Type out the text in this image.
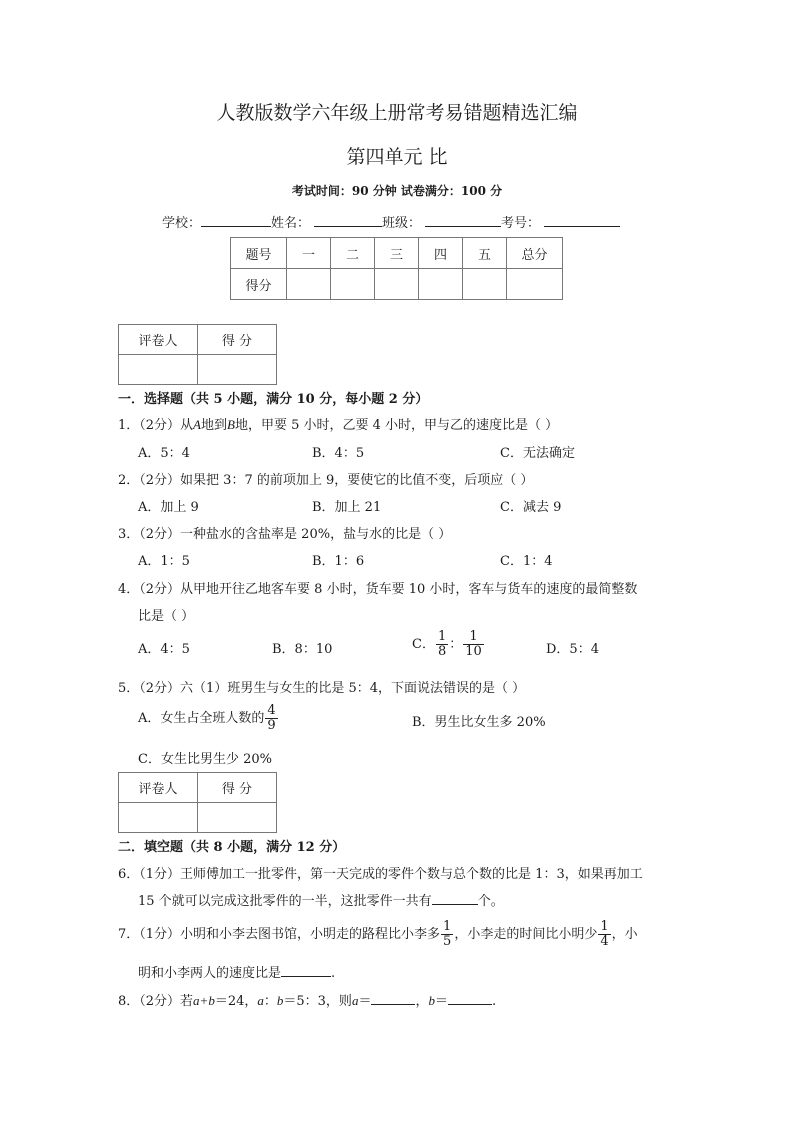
人教版数学六年级上册常考易错题精选汇编
第四单元 比
考试时间：90 分钟 试卷满分：100 分
学校：	姓名：	班级：	考号：
题号	一	二	三	四	五	总分
得分						
评卷人	得 分

一．选择题（共 5 小题，满分 10 分，每小题 2 分）
1．（2分）从A地到B地，甲要 5 小时，乙要 4 小时，甲与乙的速度比是（ ）
A．5：4	B．4：5	C．无法确定
2．（2分）如果把 3：7 的前项加上 9，要使它的比值不变，后项应（ ）
A．加上 9	B．加上 21	C．减去 9
3．（2分）一种盐水的含盐率是 20%，盐与水的比是（ ）
A．1：5	B．1：6	C．1：4
4．（2分）从甲地开往乙地客车要 8 小时，货车要 10 小时，客车与货车的速度的最简整数
比是（ ）
A．4：5	B．8：10	C． $\frac{1}{8}$ ： $\frac{1}{10}$	D．5：4
5．（2分）六（1）班男生与女生的比是 5：4，下面说法错误的是（ ）
A．女生占全班人数的 $\frac{4}{9}$	B．男生比女生多 20%
C．女生比男生少 20%
评卷人	得 分

二．填空题（共 8 小题，满分 12 分）
6．（1分）王师傅加工一批零件，第一天完成的零件个数与总个数的比是 1：3，如果再加工
15 个就可以完成这批零件的一半，这批零件一共有	个。
7．（1分）小明和小李去图书馆，小明走的路程比小李多 $\frac{1}{5}$ ，小李走的时间比小明少 $\frac{1}{4}$ ，小
明和小李两人的速度比是	.
8．（2分）若a+b＝24，a：b＝5：3，则a＝	，b＝	.
